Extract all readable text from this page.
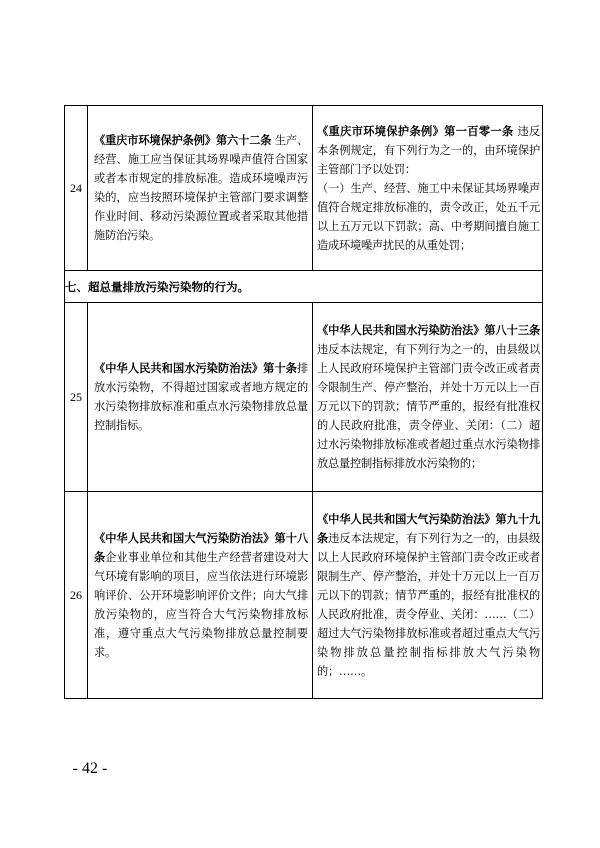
24	《重庆市环境保护条例》第六十二条 生产、经营、施工应当保证其场界噪声值符合国家或者本市规定的排放标准。造成环境噪声污染的，应当按照环境保护主管部门要求调整作业时间、移动污染源位置或者采取其他措施防治污染。	《重庆市环境保护条例》第一百零一条 违反本条例规定，有下列行为之一的，由环境保护主管部门予以处罚：
（一）生产、经营、施工中未保证其场界噪声值符合规定排放标准的，责令改正，处五千元以上五万元以下罚款；高、中考期间擅自施工造成环境噪声扰民的从重处罚；

七、超总量排放污染污染物的行为。		
25	《中华人民共和国水污染防治法》第十条排放水污染物，不得超过国家或者地方规定的水污染物排放标准和重点水污染物排放总量控制指标。	《中华人民共和国水污染防治法》第八十三条 违反本法规定，有下列行为之一的，由县级以上人民政府环境保护主管部门责令改正或者责令限制生产、停产整治，并处十万元以上一百万元以下的罚款；情节严重的，报经有批准权的人民政府批准，责令停业、关闭：（二）超过水污染物排放标准或者超过重点水污染物排放总量控制指标排放水污染物的；

26	《中华人民共和国大气污染防治法》第十八条企业事业单位和其他生产经营者建设对大气环境有影响的项目，应当依法进行环境影响评价、公开环境影响评价文件；向大气排放污染物的，应当符合大气污染物排放标准，遵守重点大气污染物排放总量控制要求。	《中华人民共和国大气污染防治法》第九十九条违反本法规定，有下列行为之一的，由县级以上人民政府环境保护主管部门责令改正或者限制生产、停产整治，并处十万元以上一百万元以下的罚款；情节严重的，报经有批准权的人民政府批准，责令停业、关闭：……（二）超过大气污染物排放标准或者超过重点大气污染物排放总量控制指标排放大气污染物的；……。
- 42 -
